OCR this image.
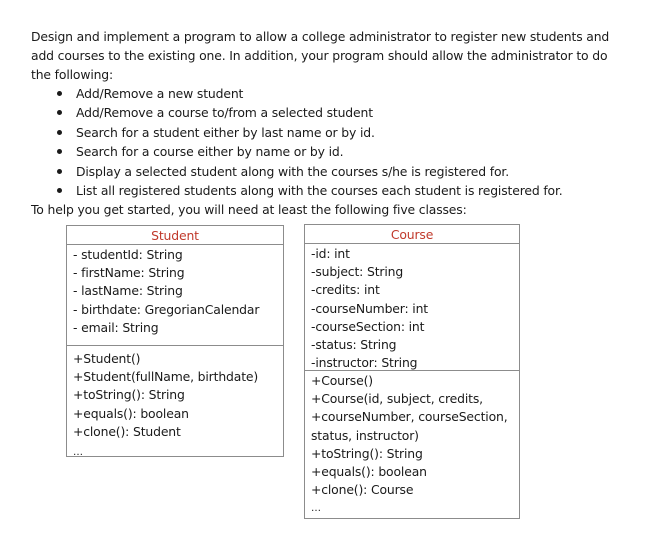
Design and implement a program to allow a college administrator to register new students and

add courses to the existing one. In addition, your program should allow the administrator to do

the following:

Add/Remove a new student
Add/Remove a course to/from a selected student
Search for a student either by last name or by id.
Search for a course either by name or by id.
Display a selected student along with the courses s/he is registered for.
List all registered students along with the courses each student is registered for.

To help you get started, you will need at least the following five classes:

Student
- studentId: String
- firstName: String
- lastName: String
- birthdate: GregorianCalendar
- email: String
+Student()
+Student(fullName, birthdate)
+toString(): String
+equals(): boolean
+clone(): Student
…
Course
-id: int
-subject: String
-credits: int
-courseNumber: int
-courseSection: int
-status: String
-instructor: String
+Course()
+Course(id, subject, credits,
+courseNumber, courseSection,
status, instructor)
+toString(): String
+equals(): boolean
+clone(): Course
…
